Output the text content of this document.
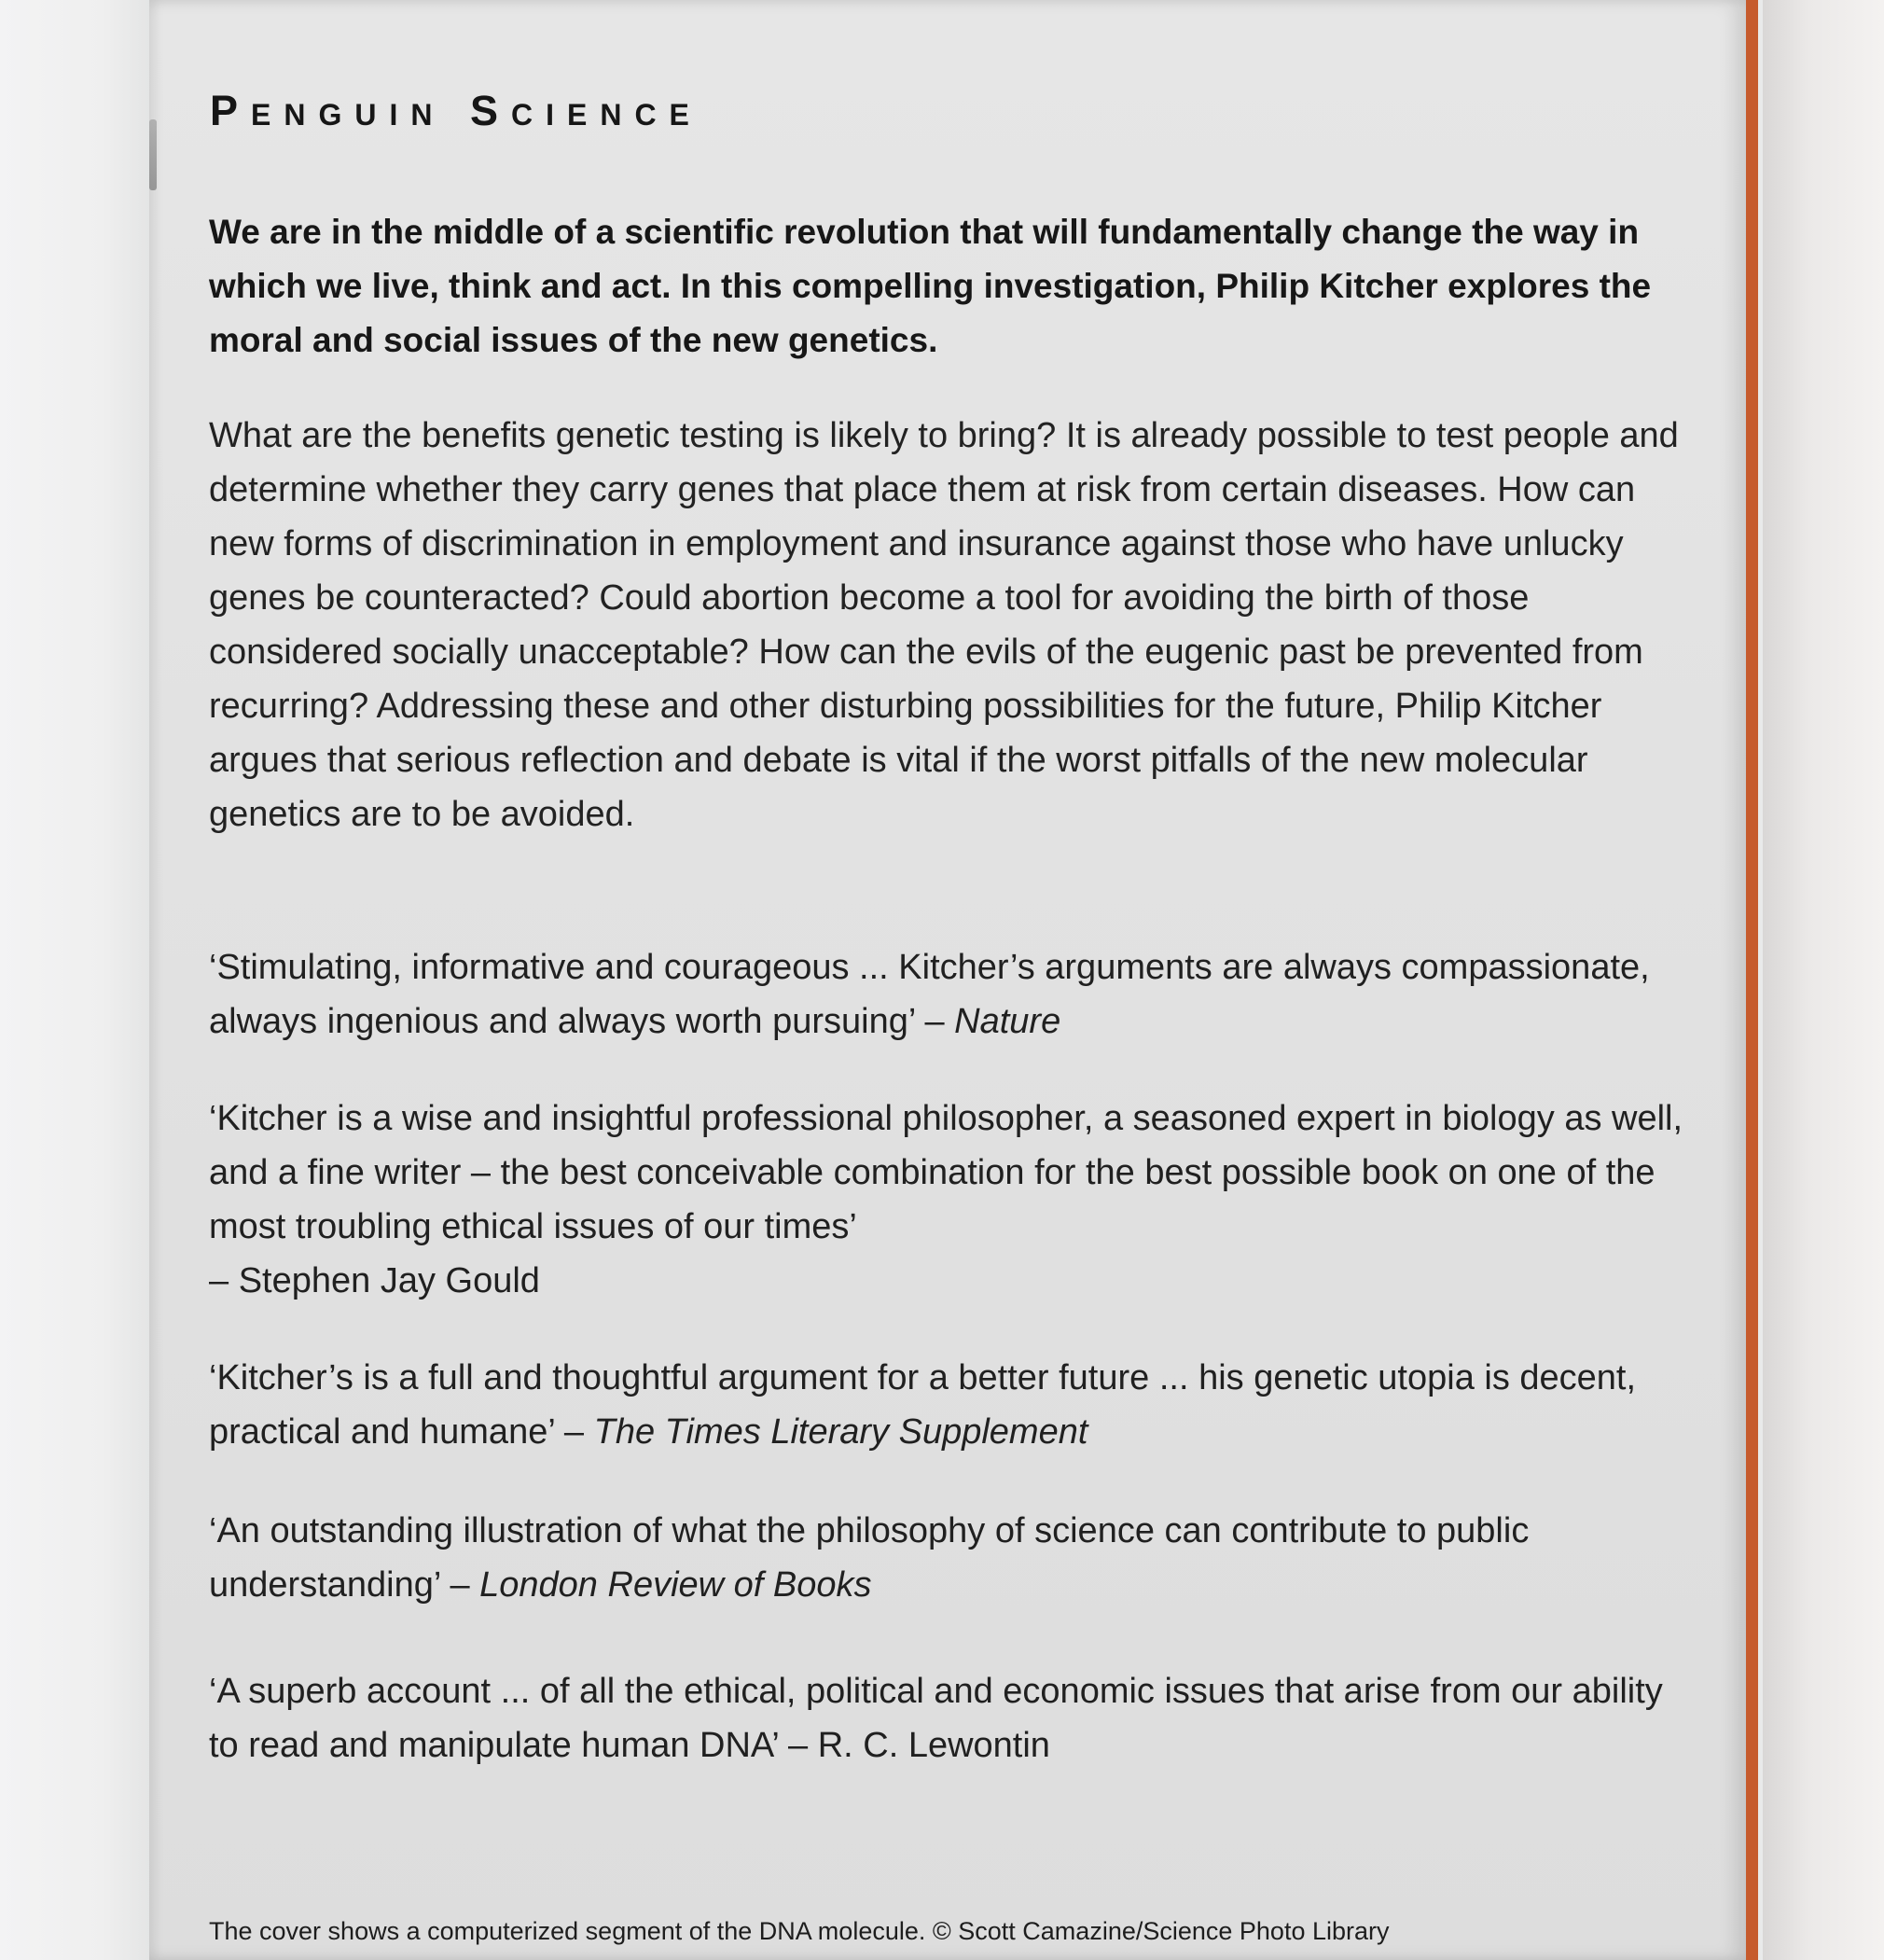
Penguin Science

We are in the middle of a scientific revolution that will fundamentally change the way in which we live, think and act. In this compelling investigation, Philip Kitcher explores the moral and social issues of the new genetics.

What are the benefits genetic testing is likely to bring? It is already possible to test people and determine whether they carry genes that place them at risk from certain diseases. How can new forms of discrimination in employment and insurance against those who have unlucky genes be counteracted? Could abortion become a tool for avoiding the birth of those considered socially unacceptable? How can the evils of the eugenic past be prevented from recurring? Addressing these and other disturbing possibilities for the future, Philip Kitcher argues that serious reflection and debate is vital if the worst pitfalls of the new molecular genetics are to be avoided.

‘Stimulating, informative and courageous ... Kitcher’s arguments are always compassionate, always ingenious and always worth pursuing’ – Nature

‘Kitcher is a wise and insightful professional philosopher, a seasoned expert in biology as well, and a fine writer – the best conceivable combination for the best possible book on one of the most troubling ethical issues of our times’
– Stephen Jay Gould

‘Kitcher’s is a full and thoughtful argument for a better future ... his genetic utopia is decent, practical and humane’ – The Times Literary Supplement

‘An outstanding illustration of what the philosophy of science can contribute to public understanding’ – London Review of Books

‘A superb account ... of all the ethical, political and economic issues that arise from our ability to read and manipulate human DNA’ – R. C. Lewontin

The cover shows a computerized segment of the DNA molecule. © Scott Camazine/Science Photo Library
